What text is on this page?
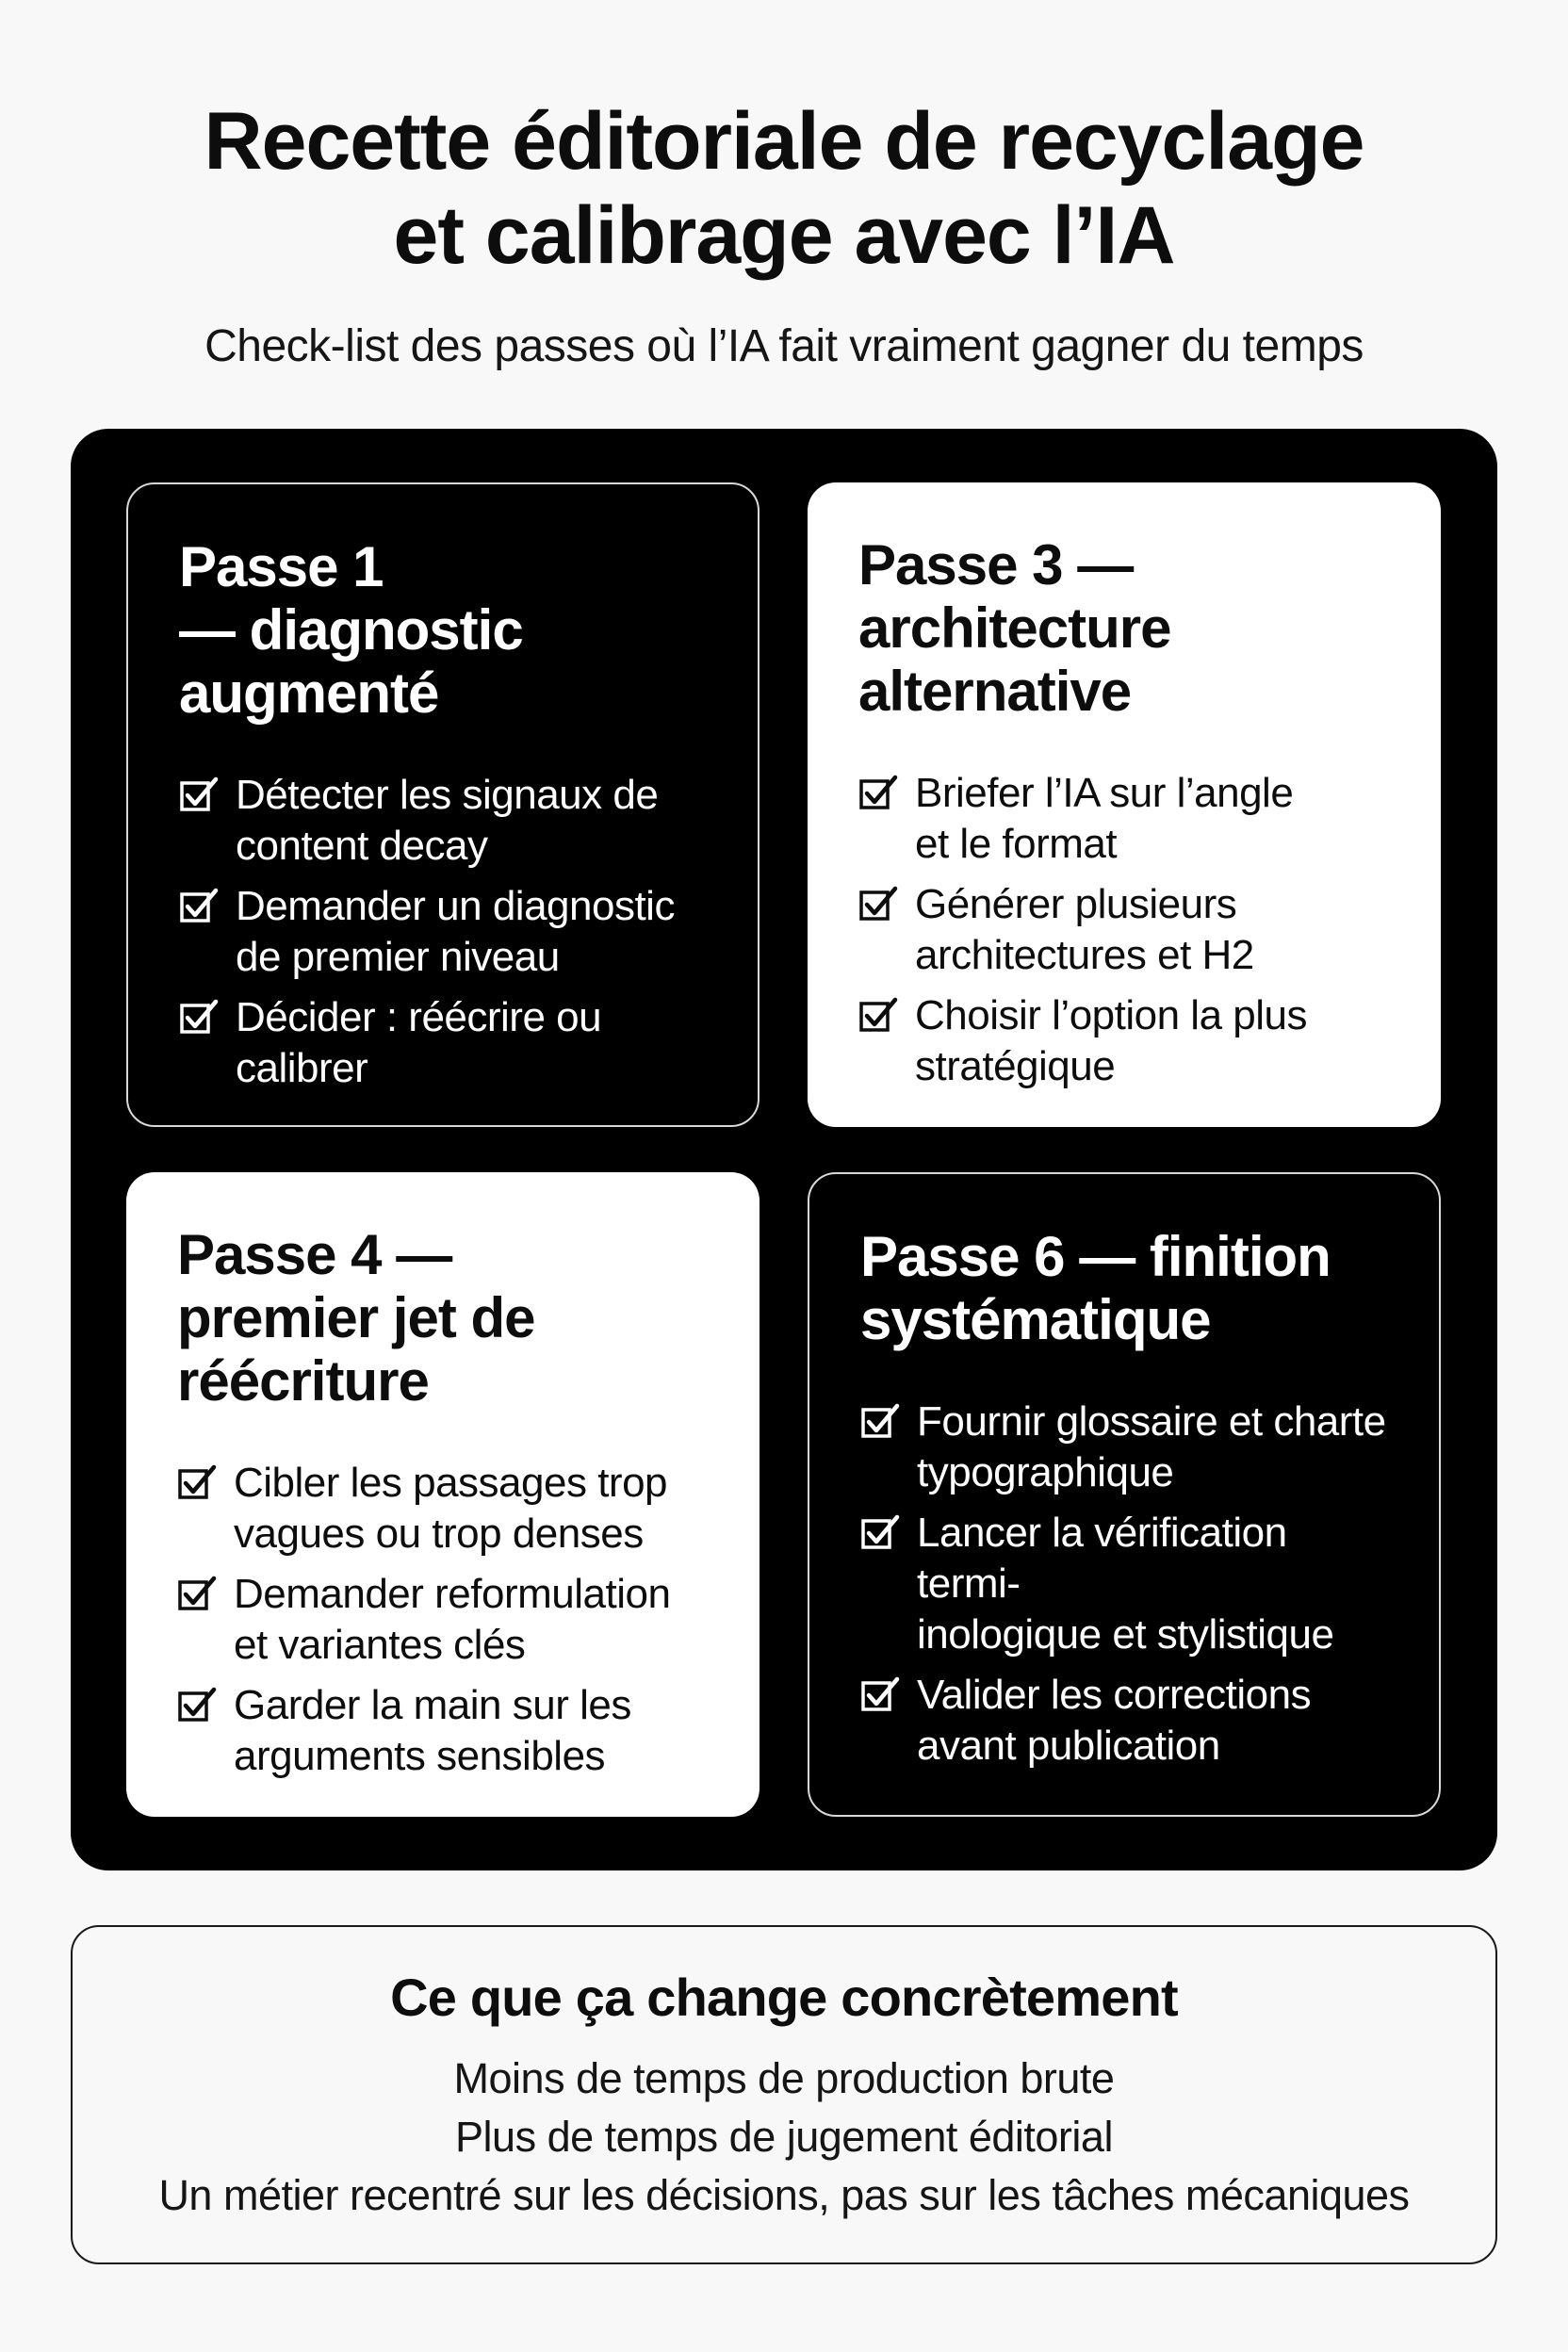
Recette éditoriale de recyclage
et calibrage avec l’IA

Check-list des passes où l’IA fait vraiment gagner du temps

Passe 1
— diagnostic
augmenté
Détecter les signaux de
content decay
Demander un diagnostic
de premier niveau
Décider : réécrire ou
calibrer
Passe 3 —
architecture
alternative
Briefer l’IA sur l’angle
et le format
Générer plusieurs
architectures et H2
Choisir l’option la plus
stratégique
Passe 4 —
premier jet de
réécriture
Cibler les passages trop
vagues ou trop denses
Demander reformulation
et variantes clés
Garder la main sur les
arguments sensibles
Passe 6 — finition
systématique
Fournir glossaire et charte
typographique
Lancer la vérification termi-
inologique et stylistique
Valider les corrections
avant publication
Ce que ça change concrètement

Moins de temps de production brute

Plus de temps de jugement éditorial

Un métier recentré sur les décisions, pas sur les tâches mécaniques
